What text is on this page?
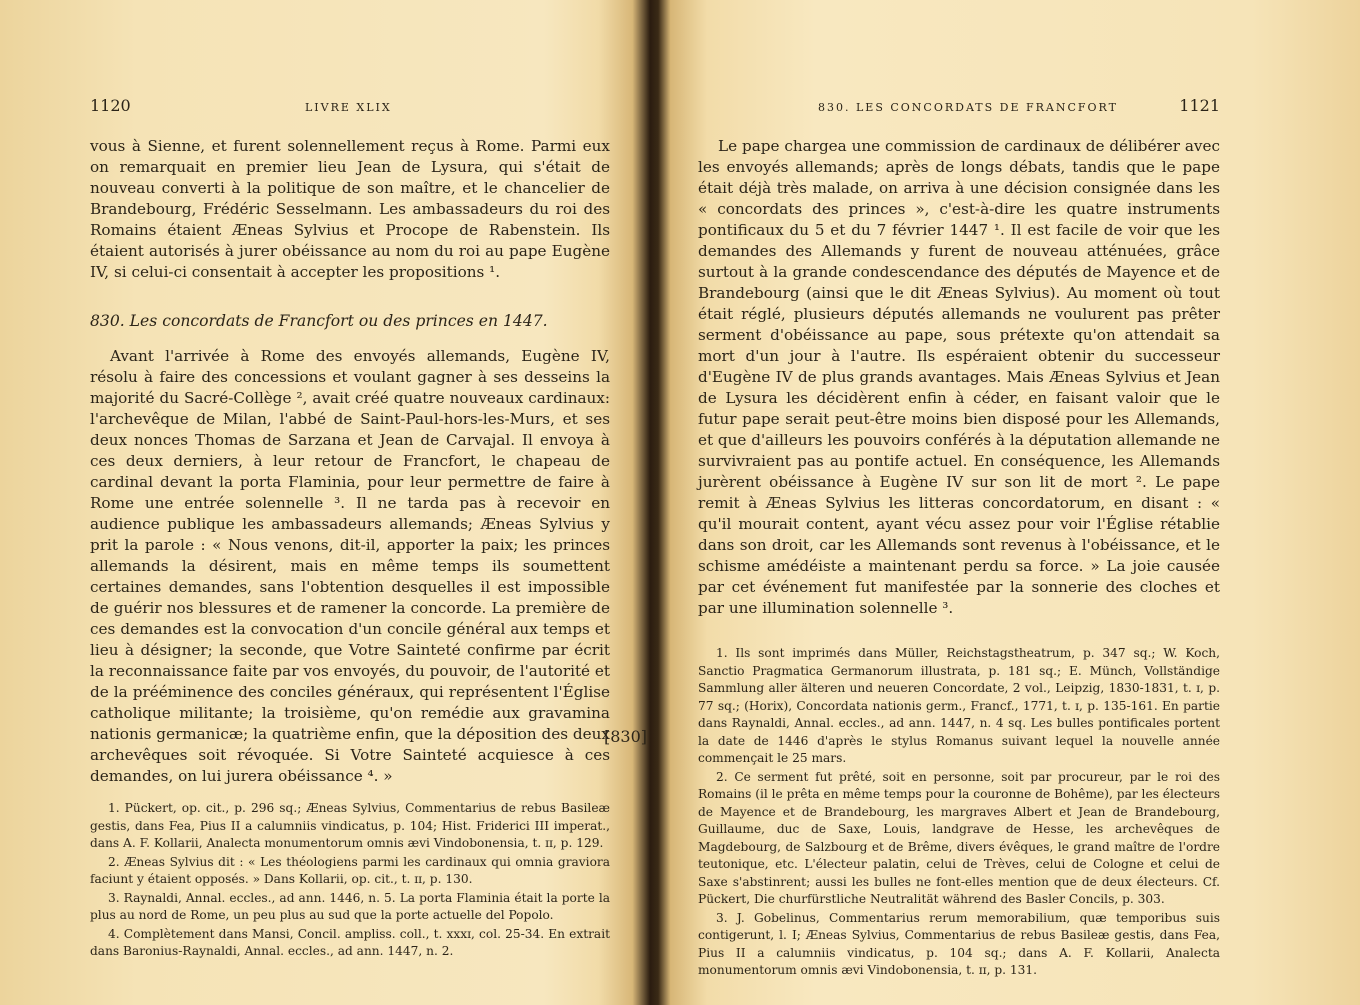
1120	LIVRE XLIX

vous à Sienne, et furent solennellement reçus à Rome. Parmi eux on remarquait en premier lieu Jean de Lysura, qui s'était de nouveau converti à la politique de son maître, et le chancelier de Brandebourg, Frédéric Sesselmann. Les ambassadeurs du roi des Romains étaient Æneas Sylvius et Procope de Rabenstein. Ils étaient autorisés à jurer obéissance au nom du roi au pape Eugène IV, si celui-ci consentait à accepter les propositions ¹.

830. Les concordats de Francfort ou des princes en 1447.

Avant l'arrivée à Rome des envoyés allemands, Eugène IV, résolu à faire des concessions et voulant gagner à ses desseins la majorité du Sacré-Collège ², avait créé quatre nouveaux cardinaux: l'archevêque de Milan, l'abbé de Saint-Paul-hors-les-Murs, et ses deux nonces Thomas de Sarzana et Jean de Carvajal. Il envoya à ces deux derniers, à leur retour de Francfort, le chapeau de cardinal devant la porta Flaminia, pour leur permettre de faire à Rome une entrée solennelle ³. Il ne tarda pas à recevoir en audience publique les ambassadeurs allemands; Æneas Sylvius y prit la parole : « Nous venons, dit-il, apporter la paix; les princes allemands la désirent, mais en même temps ils soumettent certaines demandes, sans l'obtention desquelles il est impossible de guérir nos blessures et de ramener la concorde. La première de ces demandes est la convocation d'un concile général aux temps et lieu à désigner; la seconde, que Votre Sainteté confirme par écrit la reconnaissance faite par vos envoyés, du pouvoir, de l'autorité et de la prééminence des conciles généraux, qui représentent l'Église catholique militante; la troisième, qu'on remédie aux gravamina nationis germanicæ; la quatrième enfin, que la déposition des deux archevêques soit révoquée. Si Votre Sainteté acquiesce à ces demandes, on lui jurera obéissance ⁴. »

1. Pückert, op. cit., p. 296 sq.; Æneas Sylvius, Commentarius de rebus Basileæ gestis, dans Fea, Pius II a calumniis vindicatus, p. 104; Hist. Friderici III imperat., dans A. F. Kollarii, Analecta monumentorum omnis ævi Vindobonensia, t. ɪɪ, p. 129.

2. Æneas Sylvius dit : « Les théologiens parmi les cardinaux qui omnia graviora faciunt y étaient opposés. » Dans Kollarii, op. cit., t. ɪɪ, p. 130.

3. Raynaldi, Annal. eccles., ad ann. 1446, n. 5. La porta Flaminia était la porte la plus au nord de Rome, un peu plus au sud que la porte actuelle del Popolo.

4. Complètement dans Mansi, Concil. ampliss. coll., t. xxxɪ, col. 25-34. En extrait dans Baronius-Raynaldi, Annal. eccles., ad ann. 1447, n. 2.

[830]
830. LES CONCORDATS DE FRANCFORT	1121

Le pape chargea une commission de cardinaux de délibérer avec les envoyés allemands; après de longs débats, tandis que le pape était déjà très malade, on arriva à une décision consignée dans les « concordats des princes », c'est-à-dire les quatre instruments pontificaux du 5 et du 7 février 1447 ¹. Il est facile de voir que les demandes des Allemands y furent de nouveau atténuées, grâce surtout à la grande condescendance des députés de Mayence et de Brandebourg (ainsi que le dit Æneas Sylvius). Au moment où tout était réglé, plusieurs députés allemands ne voulurent pas prêter serment d'obéissance au pape, sous prétexte qu'on attendait sa mort d'un jour à l'autre. Ils espéraient obtenir du successeur d'Eugène IV de plus grands avantages. Mais Æneas Sylvius et Jean de Lysura les décidèrent enfin à céder, en faisant valoir que le futur pape serait peut-être moins bien disposé pour les Allemands, et que d'ailleurs les pouvoirs conférés à la députation allemande ne survivraient pas au pontife actuel. En conséquence, les Allemands jurèrent obéissance à Eugène IV sur son lit de mort ². Le pape remit à Æneas Sylvius les litteras concordatorum, en disant : « qu'il mourait content, ayant vécu assez pour voir l'Église rétablie dans son droit, car les Allemands sont revenus à l'obéissance, et le schisme amédéiste a maintenant perdu sa force. » La joie causée par cet événement fut manifestée par la sonnerie des cloches et par une illumination solennelle ³.

1. Ils sont imprimés dans Müller, Reichstagstheatrum, p. 347 sq.; W. Koch, Sanctio Pragmatica Germanorum illustrata, p. 181 sq.; E. Münch, Vollständige Sammlung aller älteren und neueren Concordate, 2 vol., Leipzig, 1830-1831, t. ɪ, p. 77 sq.; (Horix), Concordata nationis germ., Francf., 1771, t. ɪ, p. 135-161. En partie dans Raynaldi, Annal. eccles., ad ann. 1447, n. 4 sq. Les bulles pontificales portent la date de 1446 d'après le stylus Romanus suivant lequel la nouvelle année commençait le 25 mars.

2. Ce serment fut prêté, soit en personne, soit par procureur, par le roi des Romains (il le prêta en même temps pour la couronne de Bohême), par les électeurs de Mayence et de Brandebourg, les margraves Albert et Jean de Brandebourg, Guillaume, duc de Saxe, Louis, landgrave de Hesse, les archevêques de Magdebourg, de Salzbourg et de Brême, divers évêques, le grand maître de l'ordre teutonique, etc. L'électeur palatin, celui de Trèves, celui de Cologne et celui de Saxe s'abstinrent; aussi les bulles ne font-elles mention que de deux électeurs. Cf. Pückert, Die churfürstliche Neutralität während des Basler Concils, p. 303.

3. J. Gobelinus, Commentarius rerum memorabilium, quæ temporibus suis contigerunt, l. I; Æneas Sylvius, Commentarius de rebus Basileæ gestis, dans Fea, Pius II a calumniis vindicatus, p. 104 sq.; dans A. F. Kollarii, Analecta monumentorum omnis ævi Vindobonensia, t. ɪɪ, p. 131.
